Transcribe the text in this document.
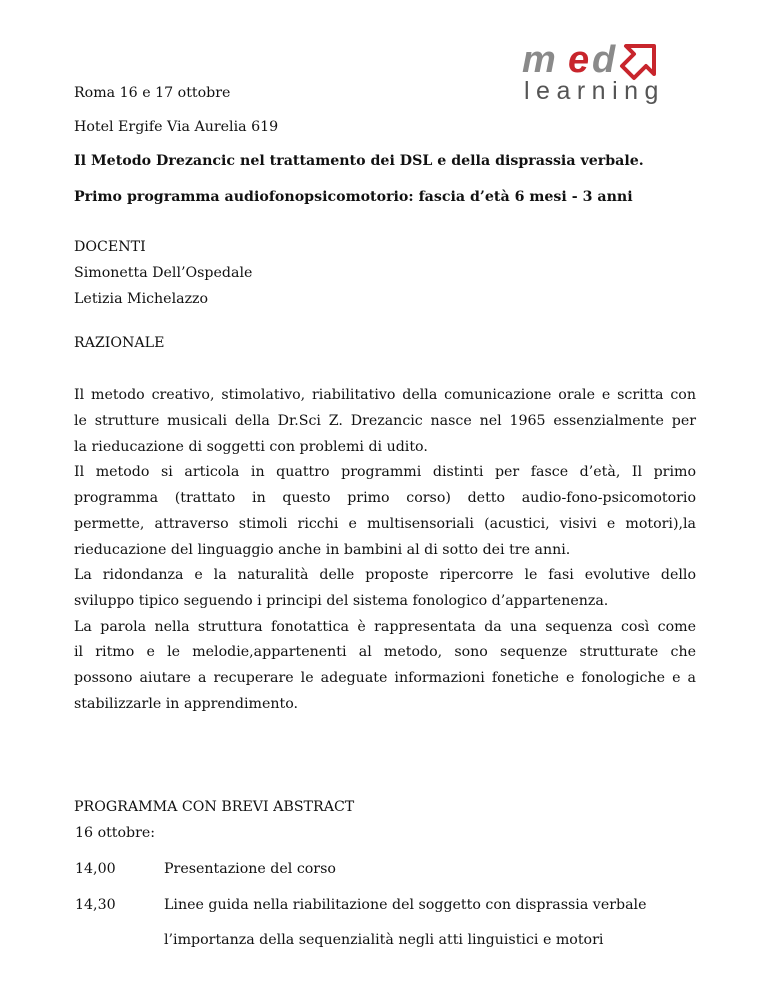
m e d
learning
Roma 16 e 17 ottobre
Hotel Ergife Via Aurelia 619
Il Metodo Drezancic nel trattamento dei DSL e della disprassia verbale.
Primo programma audiofonopsicomotorio: fascia d’età 6 mesi - 3 anni
DOCENTI
Simonetta Dell’Ospedale
Letizia Michelazzo
RAZIONALE
Il metodo creativo, stimolativo, riabilitativo della comunicazione orale e scritta con
le strutture musicali della Dr.Sci Z. Drezancic nasce nel 1965 essenzialmente per
la rieducazione di soggetti con problemi di udito.
Il metodo si articola in quattro programmi distinti per fasce d’età, Il primo
programma (trattato in questo primo corso) detto audio-fono-psicomotorio
permette, attraverso stimoli ricchi e multisensoriali (acustici, visivi e motori),la
rieducazione del linguaggio anche in bambini al di sotto dei tre anni.
La ridondanza e la naturalità delle proposte ripercorre le fasi evolutive dello
sviluppo tipico seguendo i principi del sistema fonologico d’appartenenza.
La parola nella struttura fonotattica è rappresentata da una sequenza così come
il ritmo e le melodie,appartenenti al metodo, sono sequenze strutturate che
possono aiutare a recuperare le adeguate informazioni fonetiche e fonologiche e a
stabilizzarle in apprendimento.
PROGRAMMA CON BREVI ABSTRACT
16 ottobre:
14,00	Presentazione del corso
14,30	Linee guida nella riabilitazione del soggetto con disprassia verbale
l’importanza della sequenzialità negli atti linguistici e motori
